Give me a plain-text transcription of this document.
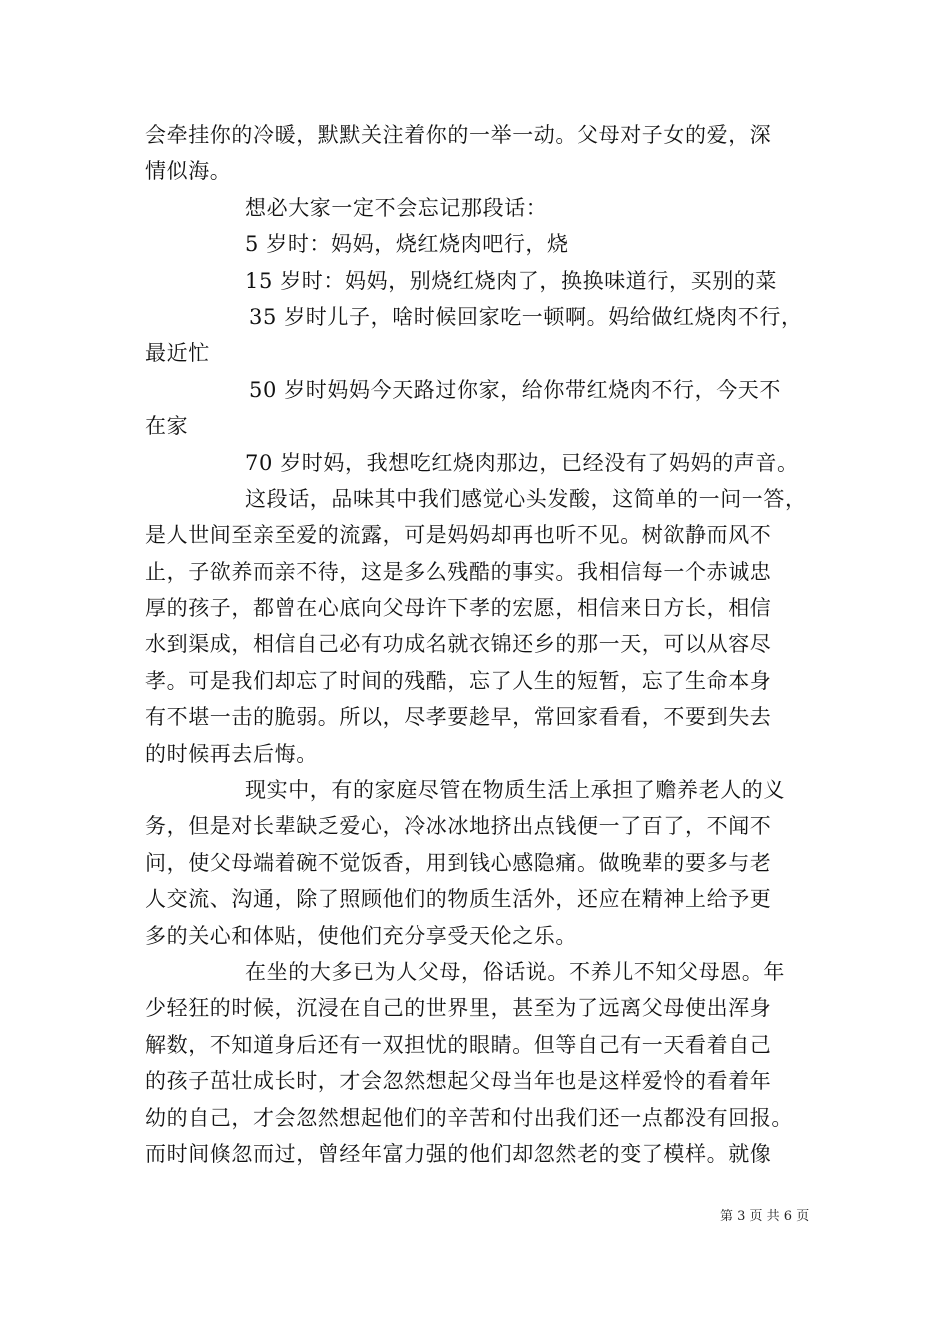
会牵挂你的冷暖，默默关注着你的一举一动。父母对子女的爱，深
情似海。
想必大家一定不会忘记那段话：
5 岁时：妈妈，烧红烧肉吧行，烧
15 岁时：妈妈，别烧红烧肉了，换换味道行，买别的菜
35 岁时儿子，啥时候回家吃一顿啊。妈给做红烧肉不行，
最近忙
50 岁时妈妈今天路过你家，给你带红烧肉不行，今天不
在家
70 岁时妈，我想吃红烧肉那边，已经没有了妈妈的声音。
这段话，品味其中我们感觉心头发酸，这简单的一问一答，
是人世间至亲至爱的流露，可是妈妈却再也听不见。树欲静而风不
止，子欲养而亲不待，这是多么残酷的事实。我相信每一个赤诚忠
厚的孩子，都曾在心底向父母许下孝的宏愿，相信来日方长，相信
水到渠成，相信自己必有功成名就衣锦还乡的那一天，可以从容尽
孝。可是我们却忘了时间的残酷，忘了人生的短暂，忘了生命本身
有不堪一击的脆弱。所以，尽孝要趁早，常回家看看，不要到失去
的时候再去后悔。
现实中，有的家庭尽管在物质生活上承担了赡养老人的义
务，但是对长辈缺乏爱心，冷冰冰地挤出点钱便一了百了，不闻不
问，使父母端着碗不觉饭香，用到钱心感隐痛。做晚辈的要多与老
人交流、沟通，除了照顾他们的物质生活外，还应在精神上给予更
多的关心和体贴，使他们充分享受天伦之乐。
在坐的大多已为人父母，俗话说。不养儿不知父母恩。年
少轻狂的时候，沉浸在自己的世界里，甚至为了远离父母使出浑身
解数，不知道身后还有一双担忧的眼睛。但等自己有一天看着自己
的孩子茁壮成长时，才会忽然想起父母当年也是这样爱怜的看着年
幼的自己，才会忽然想起他们的辛苦和付出我们还一点都没有回报。
而时间倏忽而过，曾经年富力强的他们却忽然老的变了模样。就像
第 3 页 共 6 页
